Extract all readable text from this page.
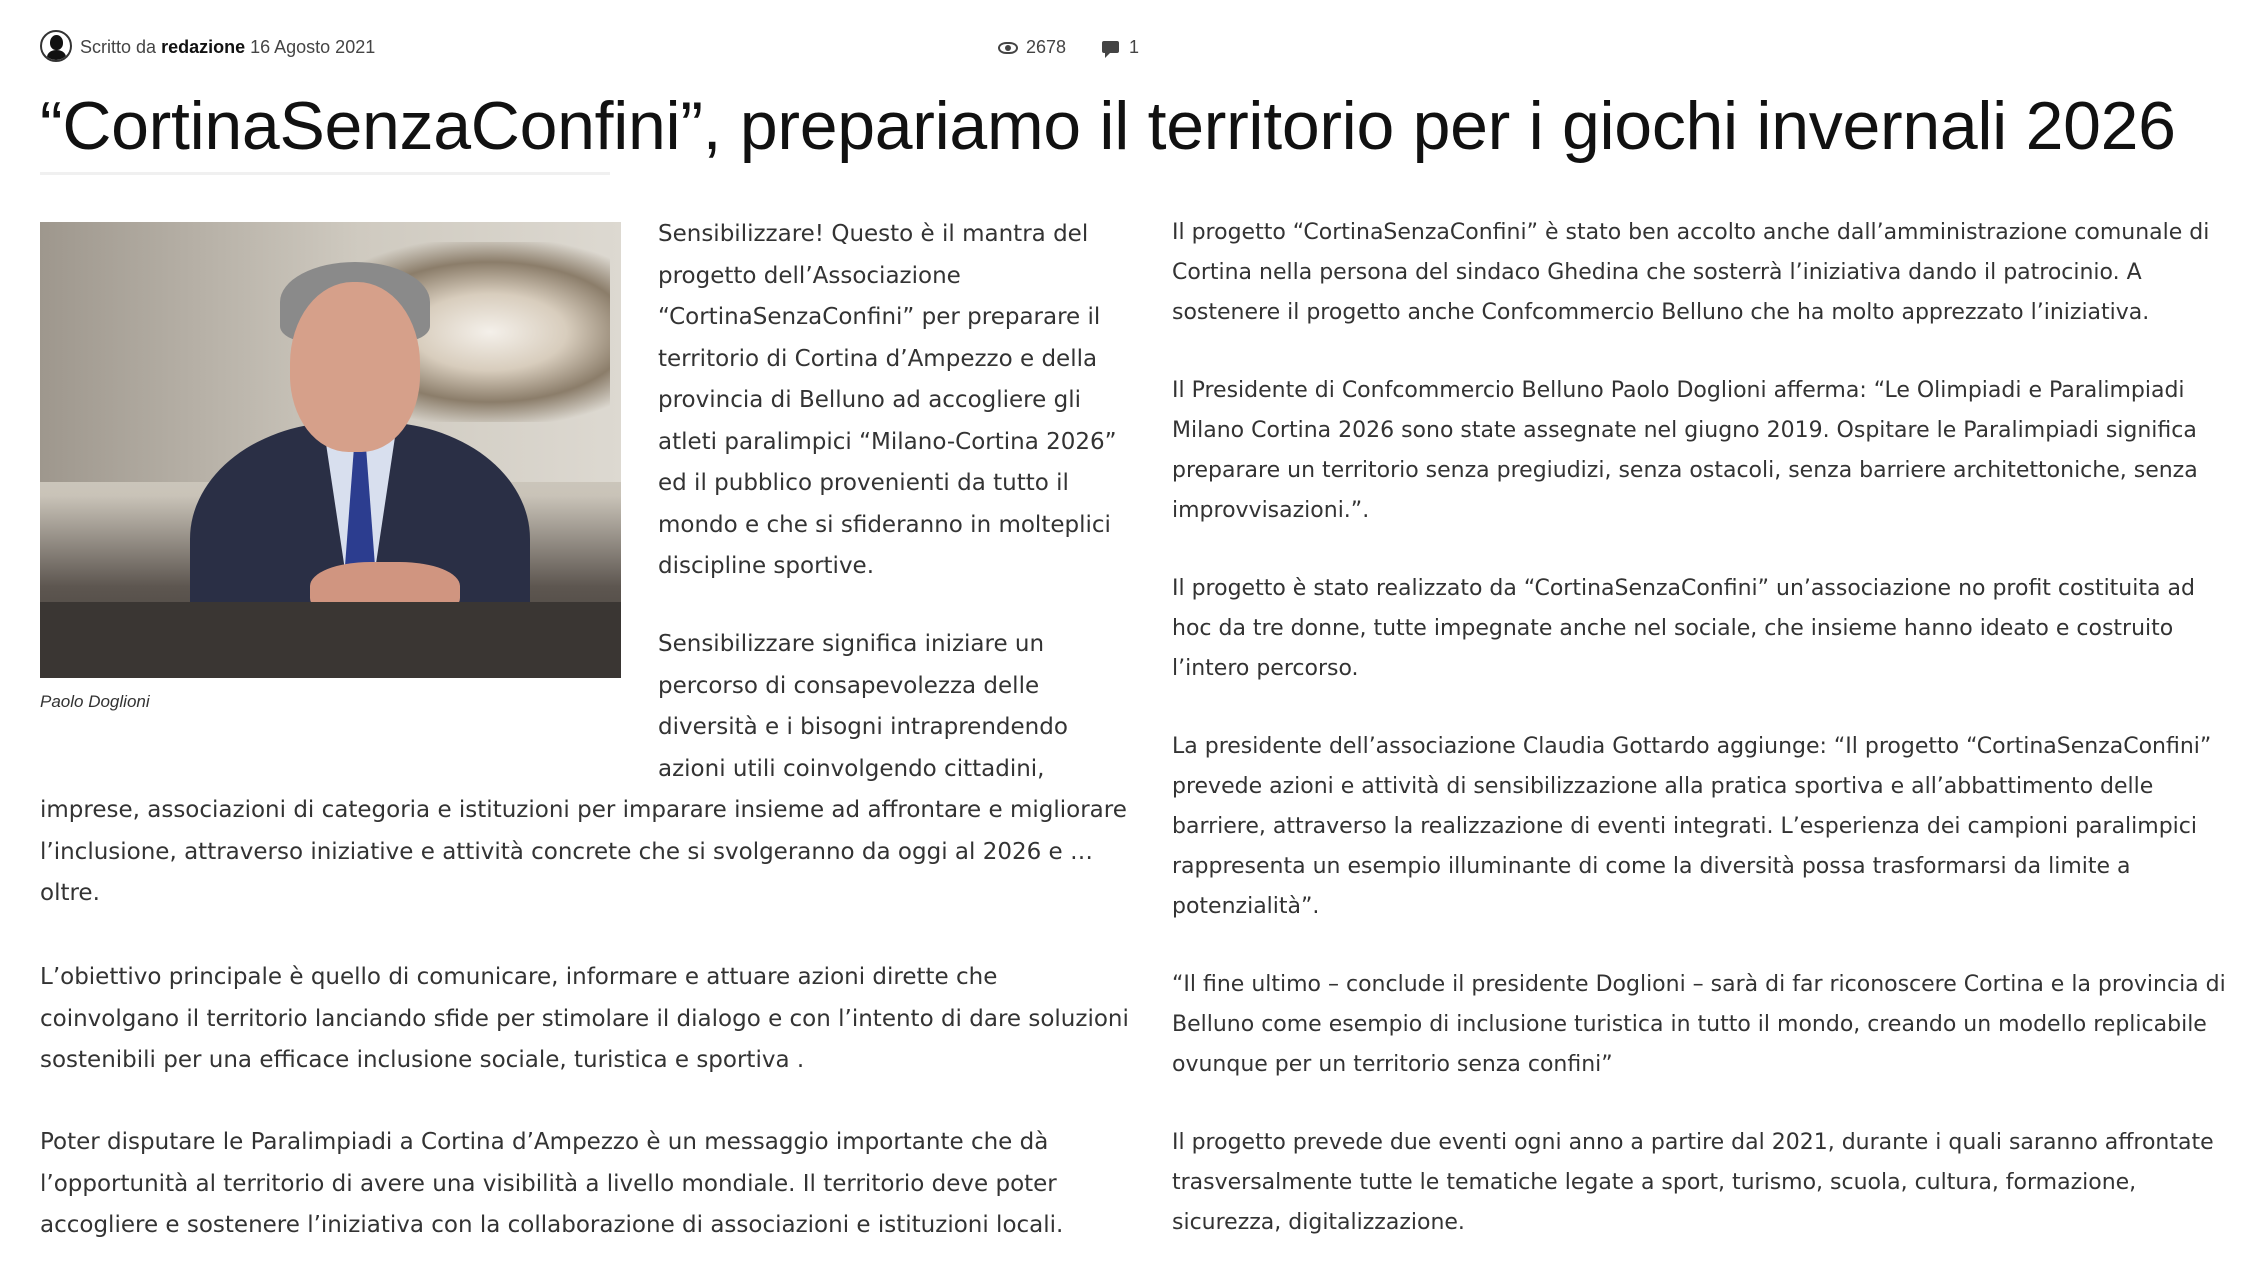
Scritto da redazione 16 Agosto 2021	2678	1
“CortinaSenzaConfini”, prepariamo il territorio per i giochi invernali 2026
Paolo Doglioni

Sensibilizzare! Questo è il mantra del progetto dell’Associazione “CortinaSenzaConfini” per preparare il territorio di Cortina d’Ampezzo e della provincia di Belluno ad accogliere gli atleti paralimpici “Milano-Cortina 2026” ed il pubblico provenienti da tutto il mondo e che si sfideranno in molteplici discipline sportive.

Sensibilizzare significa iniziare un percorso di consapevolezza delle diversità e i bisogni intraprendendo azioni utili coinvolgendo cittadini,

imprese, associazioni di categoria e istituzioni per imparare insieme ad affrontare e migliorare l’inclusione, attraverso iniziative e attività concrete che si svolgeranno da oggi al 2026 e …oltre.

L’obiettivo principale è quello di comunicare, informare e attuare azioni dirette che coinvolgano il territorio lanciando sfide per stimolare il dialogo e con l’intento di dare soluzioni sostenibili per una efficace inclusione sociale, turistica e sportiva .

Poter disputare le Paralimpiadi a Cortina d’Ampezzo è un messaggio importante che dà l’opportunità al territorio di avere una visibilità a livello mondiale. Il territorio deve poter accogliere e sostenere l’iniziativa con la collaborazione di associazioni e istituzioni locali.

Il progetto “CortinaSenzaConfini” è stato ben accolto anche dall’amministrazione comunale di Cortina nella persona del sindaco Ghedina che sosterrà l’iniziativa dando il patrocinio. A sostenere il progetto anche Confcommercio Belluno che ha molto apprezzato l’iniziativa.

Il Presidente di Confcommercio Belluno Paolo Doglioni afferma: “Le Olimpiadi e Paralimpiadi Milano Cortina 2026 sono state assegnate nel giugno 2019. Ospitare le Paralimpiadi significa preparare un territorio senza pregiudizi, senza ostacoli, senza barriere architettoniche, senza improvvisazioni.”.

Il progetto è stato realizzato da “CortinaSenzaConfini” un’associazione no profit costituita ad hoc da tre donne, tutte impegnate anche nel sociale, che insieme hanno ideato e costruito l’intero percorso.

La presidente dell’associazione Claudia Gottardo aggiunge: “Il progetto “CortinaSenzaConfini” prevede azioni e attività di sensibilizzazione alla pratica sportiva e all’abbattimento delle barriere, attraverso la realizzazione di eventi integrati. L’esperienza dei campioni paralimpici rappresenta un esempio illuminante di come la diversità possa trasformarsi da limite a potenzialità”.

“Il fine ultimo – conclude il presidente Doglioni – sarà di far riconoscere Cortina e la provincia di Belluno come esempio di inclusione turistica in tutto il mondo, creando un modello replicabile ovunque per un territorio senza confini”

Il progetto prevede due eventi ogni anno a partire dal 2021, durante i quali saranno affrontate trasversalmente tutte le tematiche legate a sport, turismo, scuola, cultura, formazione, sicurezza, digitalizzazione.
